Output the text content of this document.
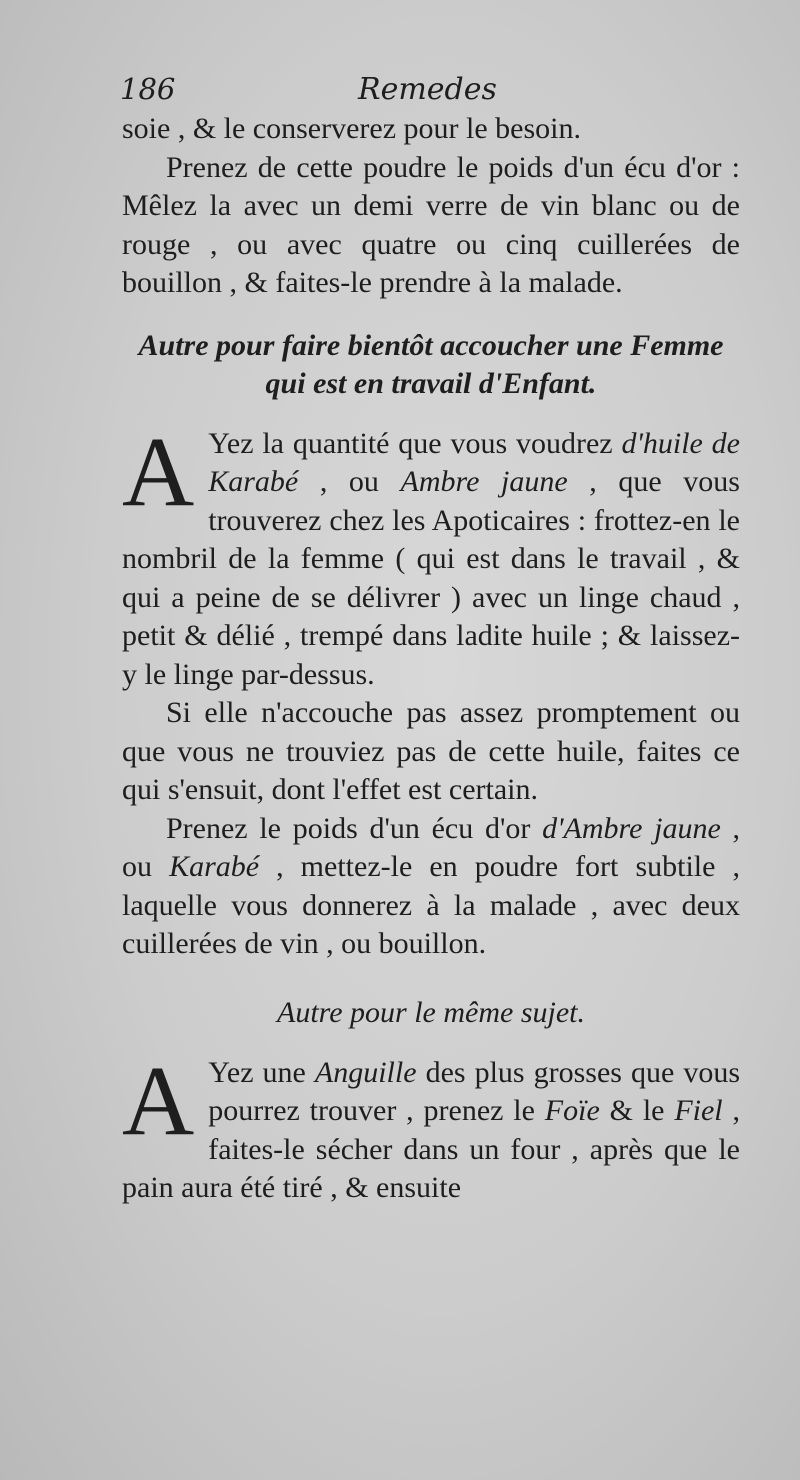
186	Remedes

soie , & le conserverez pour le besoin.

Prenez de cette poudre le poids d'un écu d'or : Mêlez la avec un demi verre de vin blanc ou de rouge , ou avec quatre ou cinq cuillerées de bouillon , & faites-le prendre à la malade.

Autre pour faire bientôt accoucher une Femme qui est en travail d'Enfant.

A Yez la quantité que vous voudrez d'huile de Karabé , ou Ambre jaune , que vous trouverez chez les Apoticaires : frottez-en le nombril de la femme ( qui est dans le travail , & qui a peine de se délivrer ) avec un linge chaud , petit & délié , trempé dans ladite huile ; & laissez-y le linge par-dessus.

Si elle n'accouche pas assez promptement ou que vous ne trouviez pas de cette huile, faites ce qui s'ensuit, dont l'effet est certain.

Prenez le poids d'un écu d'or d'Ambre jaune , ou Karabé , mettez-le en poudre fort subtile , laquelle vous donnerez à la malade , avec deux cuillerées de vin , ou bouillon.

Autre pour le même sujet.

A Yez une Anguille des plus grosses que vous pourrez trouver , prenez le Foïe & le Fiel , faites-le sécher dans un four , après que le pain aura été tiré , & ensuite
